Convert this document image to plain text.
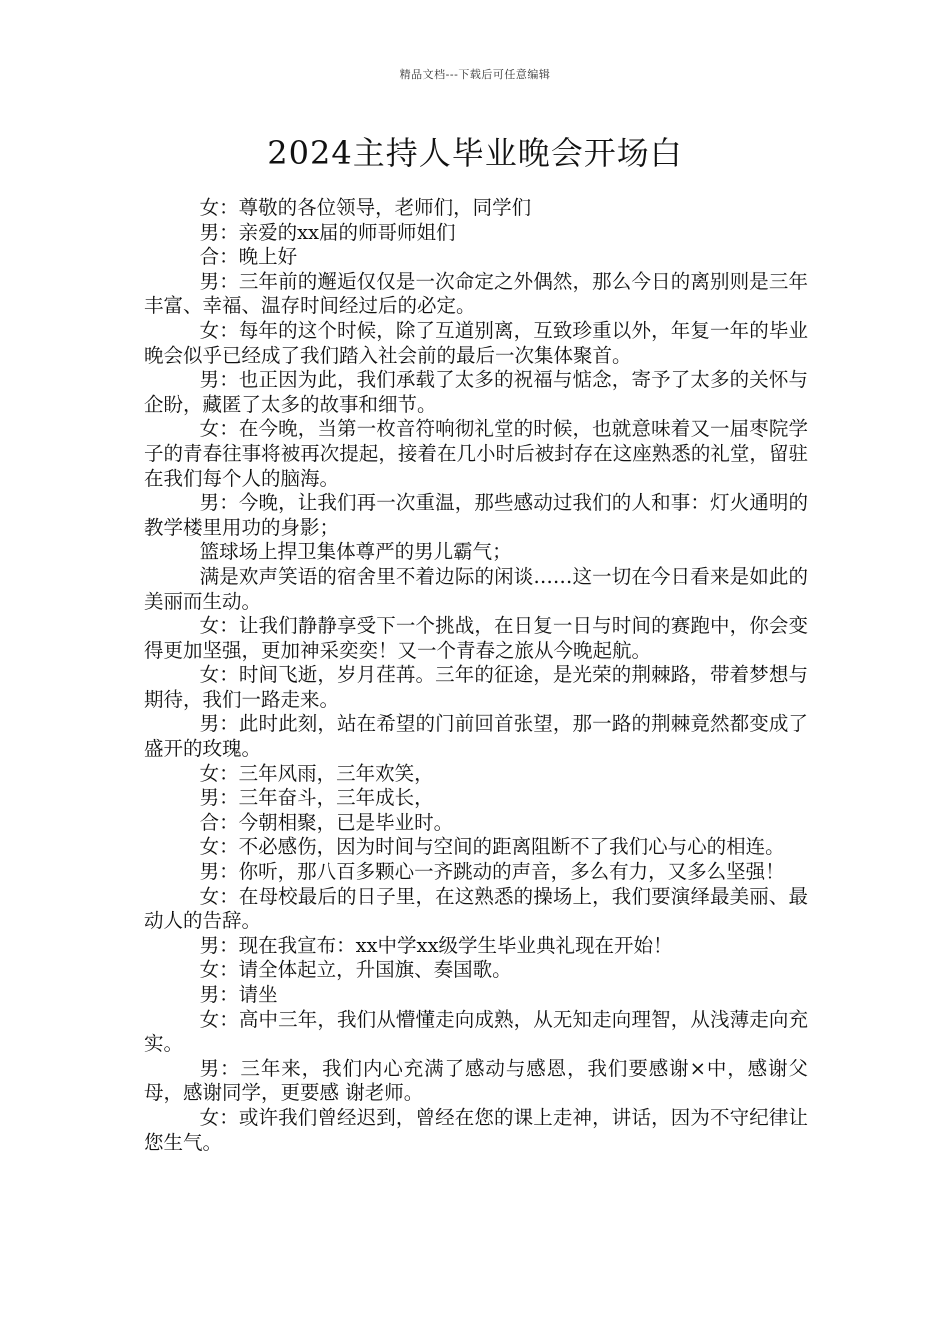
精品文档---下载后可任意编辑
2024主持人毕业晚会开场白

女：尊敬的各位领导，老师们，同学们

男：亲爱的xx届的师哥师姐们

合：晚上好

男：三年前的邂逅仅仅是一次命定之外偶然，那么今日的离别则是三年丰富、幸福、温存时间经过后的必定。

女：每年的这个时候，除了互道别离，互致珍重以外，年复一年的毕业晚会似乎已经成了我们踏入社会前的最后一次集体聚首。

男：也正因为此，我们承载了太多的祝福与惦念，寄予了太多的关怀与企盼，藏匿了太多的故事和细节。

女：在今晚，当第一枚音符响彻礼堂的时候，也就意味着又一届枣院学子的青春往事将被再次提起，接着在几小时后被封存在这座熟悉的礼堂，留驻在我们每个人的脑海。

男：今晚，让我们再一次重温，那些感动过我们的人和事：灯火通明的教学楼里用功的身影；

篮球场上捍卫集体尊严的男儿霸气；

满是欢声笑语的宿舍里不着边际的闲谈……这一切在今日看来是如此的美丽而生动。

女：让我们静静享受下一个挑战，在日复一日与时间的赛跑中，你会变得更加坚强，更加神采奕奕！又一个青春之旅从今晚起航。

女：时间飞逝，岁月荏苒。三年的征途，是光荣的荆棘路，带着梦想与期待，我们一路走来。

男：此时此刻，站在希望的门前回首张望，那一路的荆棘竟然都变成了盛开的玫瑰。

女：三年风雨，三年欢笑，

男：三年奋斗，三年成长，

合：今朝相聚，已是毕业时。

女：不必感伤，因为时间与空间的距离阻断不了我们心与心的相连。

男：你听，那八百多颗心一齐跳动的声音，多么有力，又多么坚强！

女：在母校最后的日子里，在这熟悉的操场上，我们要演绎最美丽、最动人的告辞。

男：现在我宣布：xx中学xx级学生毕业典礼现在开始！

女：请全体起立，升国旗、奏国歌。

男：请坐

女：高中三年，我们从懵懂走向成熟，从无知走向理智，从浅薄走向充实。

男：三年来，我们内心充满了感动与感恩，我们要感谢×中，感谢父母，感谢同学，更要感 谢老师。

女：或许我们曾经迟到，曾经在您的课上走神，讲话，因为不守纪律让您生气。
